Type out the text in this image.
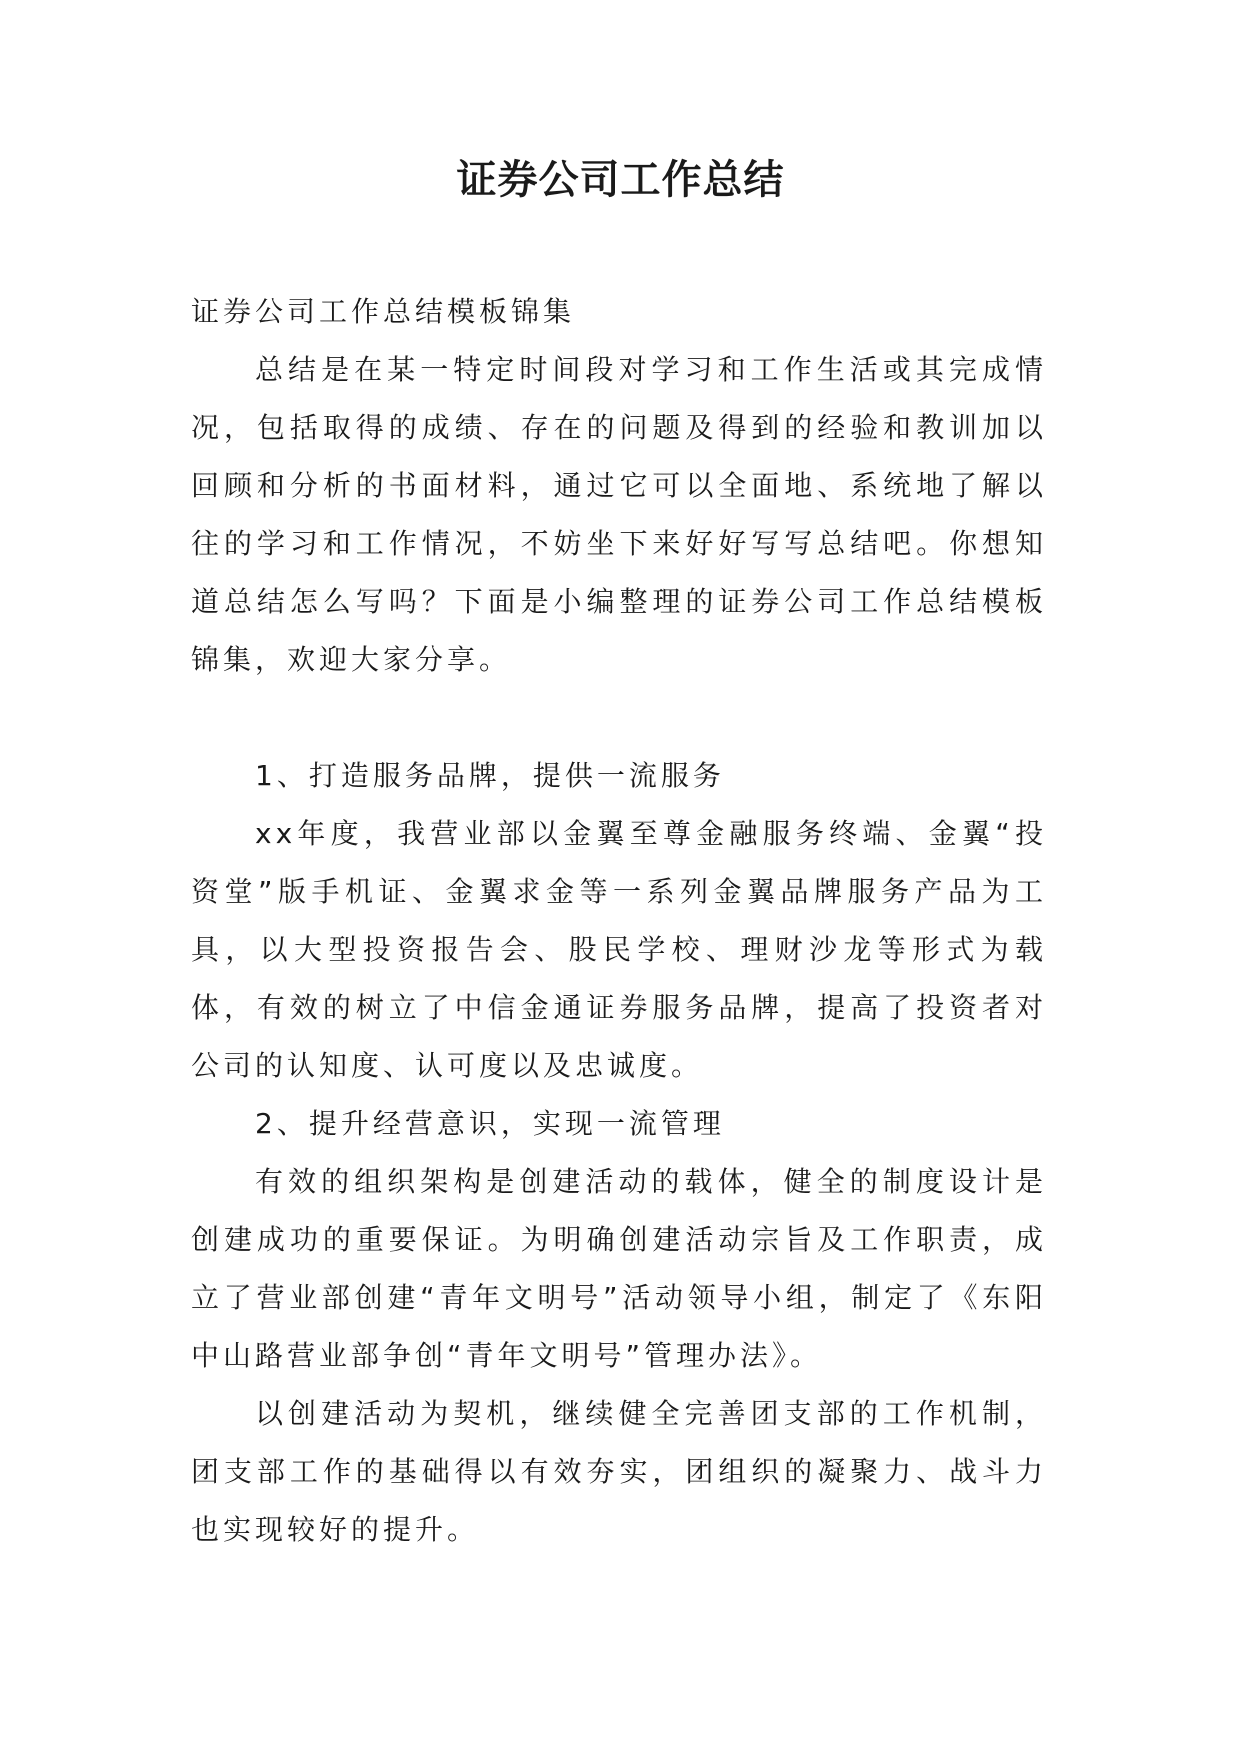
证券公司工作总结

证券公司工作总结模板锦集

总结是在某一特定时间段对学习和工作生活或其完成情况，包括取得的成绩、存在的问题及得到的经验和教训加以回顾和分析的书面材料，通过它可以全面地、系统地了解以往的学习和工作情况，不妨坐下来好好写写总结吧。你想知道总结怎么写吗？下面是小编整理的证券公司工作总结模板锦集，欢迎大家分享。

1、打造服务品牌，提供一流服务

xx年度，我营业部以金翼至尊金融服务终端、金翼“投资堂”版手机证、金翼求金等一系列金翼品牌服务产品为工具，以大型投资报告会、股民学校、理财沙龙等形式为载体，有效的树立了中信金通证券服务品牌，提高了投资者对公司的认知度、认可度以及忠诚度。

2、提升经营意识，实现一流管理

有效的组织架构是创建活动的载体，健全的制度设计是创建成功的重要保证。为明确创建活动宗旨及工作职责，成立了营业部创建“青年文明号”活动领导小组，制定了《东阳中山路营业部争创“青年文明号”管理办法》。

以创建活动为契机，继续健全完善团支部的工作机制，团支部工作的基础得以有效夯实，团组织的凝聚力、战斗力也实现较好的提升。
